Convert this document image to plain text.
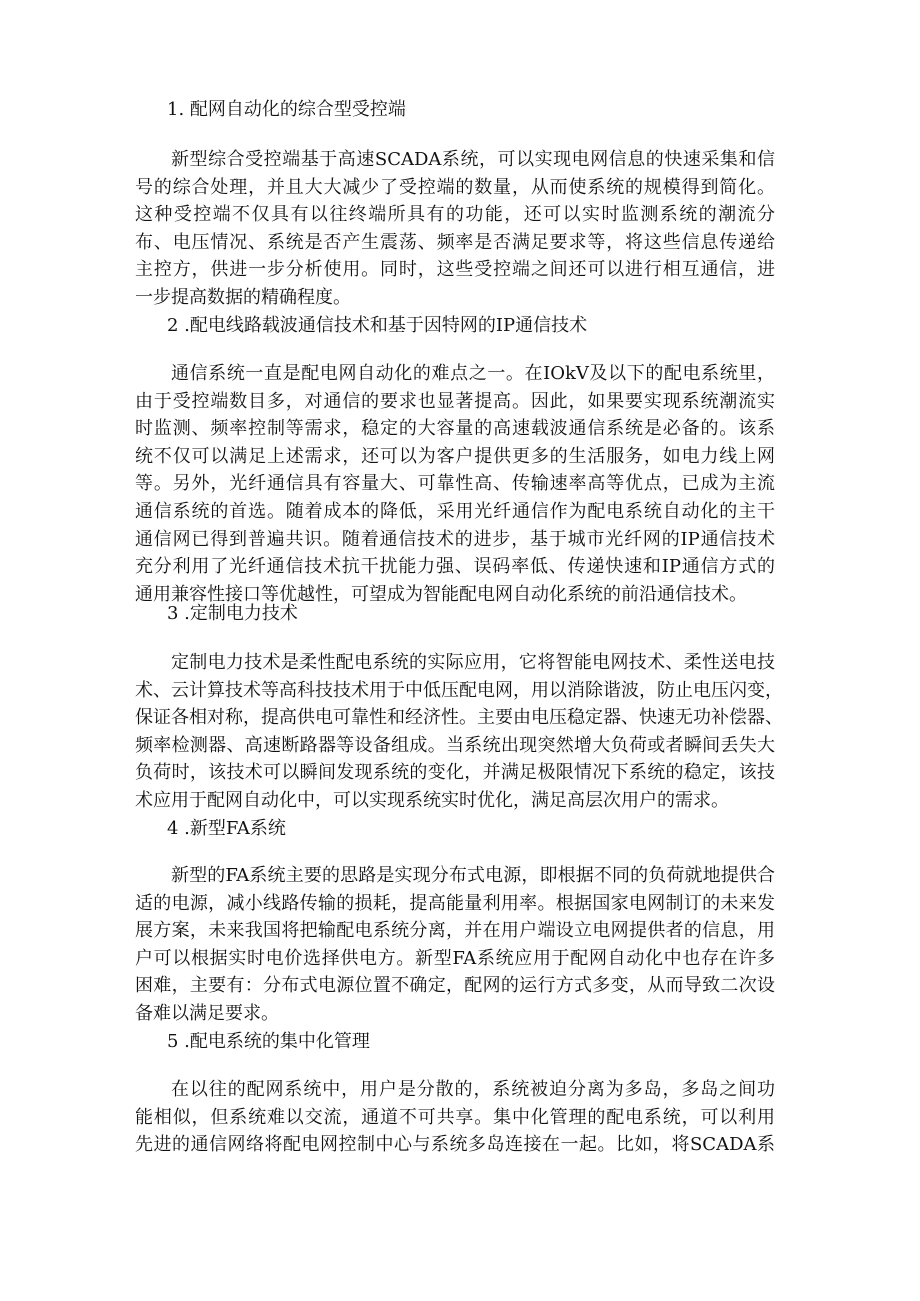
1. 配网自动化的综合型受控端
新型综合受控端基于高速SCADA系统，可以实现电网信息的快速采集和信
号的综合处理，并且大大减少了受控端的数量，从而使系统的规模得到简化。
这种受控端不仅具有以往终端所具有的功能，还可以实时监测系统的潮流分
布、电压情况、系统是否产生震荡、频率是否满足要求等，将这些信息传递给
主控方，供进一步分析使用。同时，这些受控端之间还可以进行相互通信，进
一步提高数据的精确程度。
2 .配电线路载波通信技术和基于因特网的IP通信技术
通信系统一直是配电网自动化的难点之一。在IOkV及以下的配电系统里，
由于受控端数目多，对通信的要求也显著提高。因此，如果要实现系统潮流实
时监测、频率控制等需求，稳定的大容量的高速载波通信系统是必备的。该系
统不仅可以满足上述需求，还可以为客户提供更多的生活服务，如电力线上网
等。另外，光纤通信具有容量大、可靠性高、传输速率高等优点，已成为主流
通信系统的首选。随着成本的降低，采用光纤通信作为配电系统自动化的主干
通信网已得到普遍共识。随着通信技术的进步，基于城市光纤网的IP通信技术
充分利用了光纤通信技术抗干扰能力强、误码率低、传递快速和IP通信方式的
通用兼容性接口等优越性，可望成为智能配电网自动化系统的前沿通信技术。
3 .定制电力技术
定制电力技术是柔性配电系统的实际应用，它将智能电网技术、柔性送电技
术、云计算技术等高科技技术用于中低压配电网，用以消除谐波，防止电压闪变，
保证各相对称，提高供电可靠性和经济性。主要由电压稳定器、快速无功补偿器、
频率检测器、高速断路器等设备组成。当系统出现突然增大负荷或者瞬间丢失大
负荷时，该技术可以瞬间发现系统的变化，并满足极限情况下系统的稳定，该技
术应用于配网自动化中，可以实现系统实时优化，满足高层次用户的需求。
4 .新型FA系统
新型的FA系统主要的思路是实现分布式电源，即根据不同的负荷就地提供合
适的电源，减小线路传输的损耗，提高能量利用率。根据国家电网制订的未来发
展方案，未来我国将把输配电系统分离，并在用户端设立电网提供者的信息，用
户可以根据实时电价选择供电方。新型FA系统应用于配网自动化中也存在许多
困难，主要有：分布式电源位置不确定，配网的运行方式多变，从而导致二次设
备难以满足要求。
5 .配电系统的集中化管理
在以往的配网系统中，用户是分散的，系统被迫分离为多岛，多岛之间功
能相似，但系统难以交流，通道不可共享。集中化管理的配电系统，可以利用
先进的通信网络将配电网控制中心与系统多岛连接在一起。比如，将SCADA系
